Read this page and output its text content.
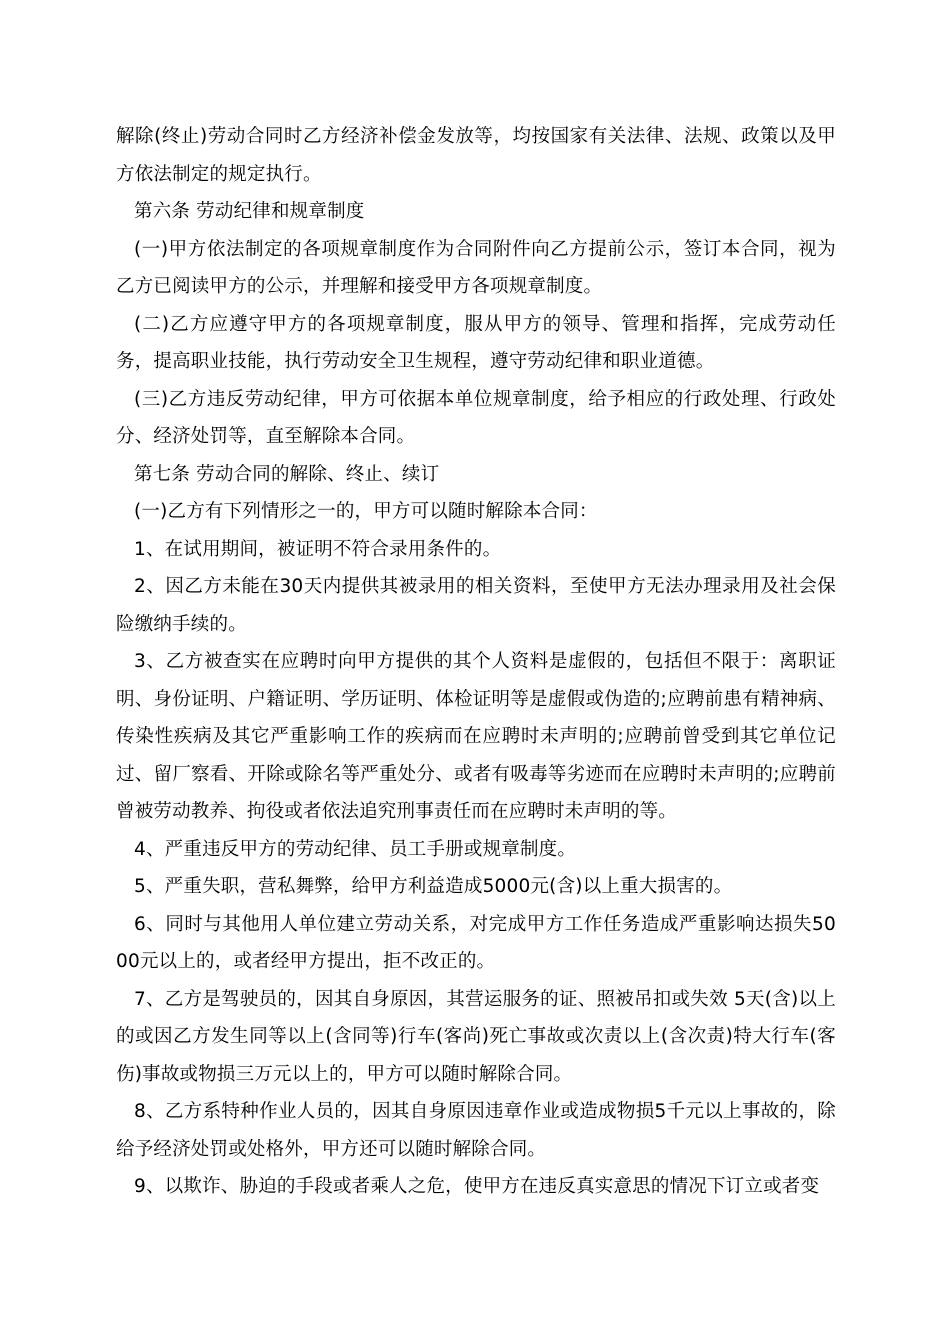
解除(终止)劳动合同时乙方经济补偿金发放等，均按国家有关法律、法规、政策以及甲方依法制定的规定执行。

第六条 劳动纪律和规章制度

(一)甲方依法制定的各项规章制度作为合同附件向乙方提前公示，签订本合同，视为乙方已阅读甲方的公示，并理解和接受甲方各项规章制度。

(二)乙方应遵守甲方的各项规章制度，服从甲方的领导、管理和指挥，完成劳动任务，提高职业技能，执行劳动安全卫生规程，遵守劳动纪律和职业道德。

(三)乙方违反劳动纪律，甲方可依据本单位规章制度，给予相应的行政处理、行政处分、经济处罚等，直至解除本合同。

第七条 劳动合同的解除、终止、续订

(一)乙方有下列情形之一的，甲方可以随时解除本合同：

1、在试用期间，被证明不符合录用条件的。

2、因乙方未能在30天内提供其被录用的相关资料，至使甲方无法办理录用及社会保险缴纳手续的。

3、乙方被查实在应聘时向甲方提供的其个人资料是虚假的，包括但不限于：离职证明、身份证明、户籍证明、学历证明、体检证明等是虚假或伪造的;应聘前患有精神病、传染性疾病及其它严重影响工作的疾病而在应聘时未声明的;应聘前曾受到其它单位记过、留厂察看、开除或除名等严重处分、或者有吸毒等劣迹而在应聘时未声明的;应聘前曾被劳动教养、拘役或者依法追究刑事责任而在应聘时未声明的等。

4、严重违反甲方的劳动纪律、员工手册或规章制度。

5、严重失职，营私舞弊，给甲方利益造成5000元(含)以上重大损害的。

6、同时与其他用人单位建立劳动关系，对完成甲方工作任务造成严重影响达损失5000元以上的，或者经甲方提出，拒不改正的。

7、乙方是驾驶员的，因其自身原因，其营运服务的证、照被吊扣或失效 5天(含)以上的或因乙方发生同等以上(含同等)行车(客尚)死亡事故或次责以上(含次责)特大行车(客伤)事故或物损三万元以上的，甲方可以随时解除合同。

8、乙方系特种作业人员的，因其自身原因违章作业或造成物损5千元以上事故的，除给予经济处罚或处格外，甲方还可以随时解除合同。

9、以欺诈、胁迫的手段或者乘人之危，使甲方在违反真实意思的情况下订立或者变
